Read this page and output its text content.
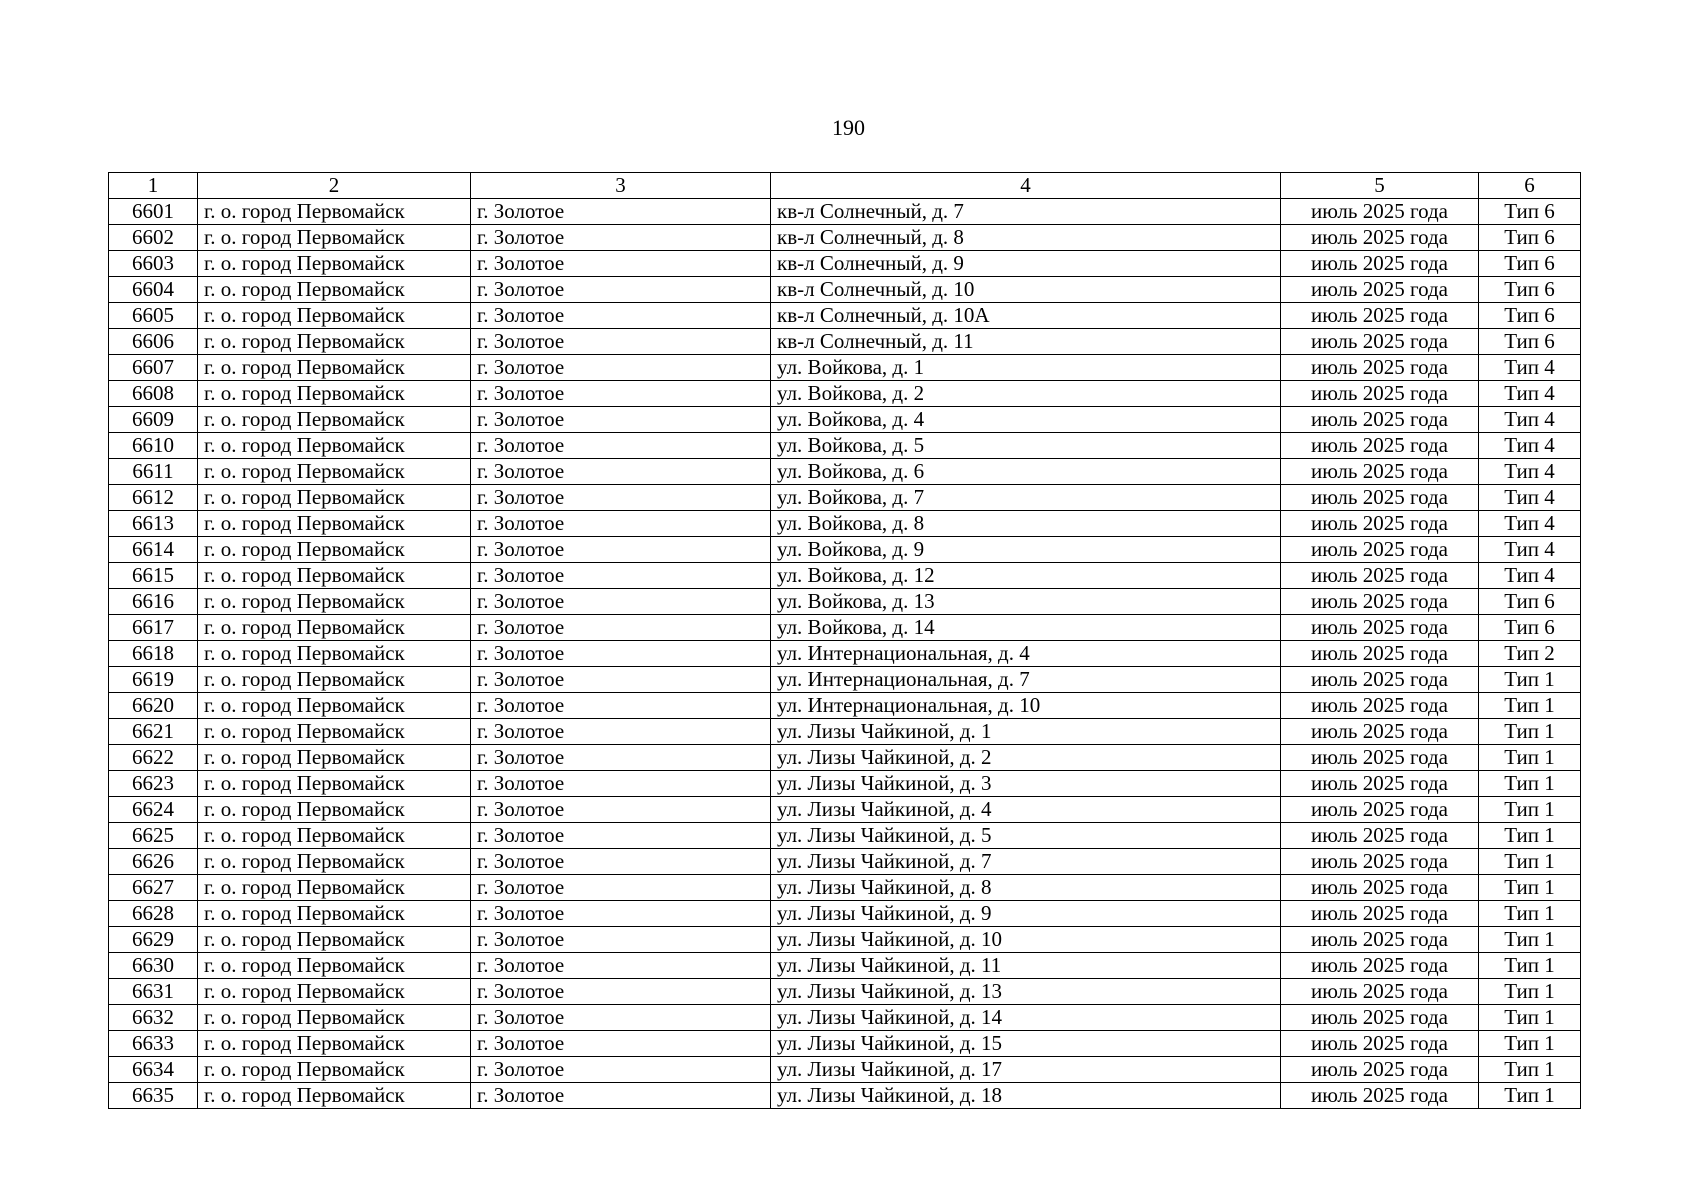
190
1	2	3	4	5	6
6601	г. о. город Первомайск	г. Золотое	кв-л Солнечный, д. 7	июль 2025 года	Тип 6
6602	г. о. город Первомайск	г. Золотое	кв-л Солнечный, д. 8	июль 2025 года	Тип 6
6603	г. о. город Первомайск	г. Золотое	кв-л Солнечный, д. 9	июль 2025 года	Тип 6
6604	г. о. город Первомайск	г. Золотое	кв-л Солнечный, д. 10	июль 2025 года	Тип 6
6605	г. о. город Первомайск	г. Золотое	кв-л Солнечный, д. 10А	июль 2025 года	Тип 6
6606	г. о. город Первомайск	г. Золотое	кв-л Солнечный, д. 11	июль 2025 года	Тип 6
6607	г. о. город Первомайск	г. Золотое	ул. Войкова, д. 1	июль 2025 года	Тип 4
6608	г. о. город Первомайск	г. Золотое	ул. Войкова, д. 2	июль 2025 года	Тип 4
6609	г. о. город Первомайск	г. Золотое	ул. Войкова, д. 4	июль 2025 года	Тип 4
6610	г. о. город Первомайск	г. Золотое	ул. Войкова, д. 5	июль 2025 года	Тип 4
6611	г. о. город Первомайск	г. Золотое	ул. Войкова, д. 6	июль 2025 года	Тип 4
6612	г. о. город Первомайск	г. Золотое	ул. Войкова, д. 7	июль 2025 года	Тип 4
6613	г. о. город Первомайск	г. Золотое	ул. Войкова, д. 8	июль 2025 года	Тип 4
6614	г. о. город Первомайск	г. Золотое	ул. Войкова, д. 9	июль 2025 года	Тип 4
6615	г. о. город Первомайск	г. Золотое	ул. Войкова, д. 12	июль 2025 года	Тип 4
6616	г. о. город Первомайск	г. Золотое	ул. Войкова, д. 13	июль 2025 года	Тип 6
6617	г. о. город Первомайск	г. Золотое	ул. Войкова, д. 14	июль 2025 года	Тип 6
6618	г. о. город Первомайск	г. Золотое	ул. Интернациональная, д. 4	июль 2025 года	Тип 2
6619	г. о. город Первомайск	г. Золотое	ул. Интернациональная, д. 7	июль 2025 года	Тип 1
6620	г. о. город Первомайск	г. Золотое	ул. Интернациональная, д. 10	июль 2025 года	Тип 1
6621	г. о. город Первомайск	г. Золотое	ул. Лизы Чайкиной, д. 1	июль 2025 года	Тип 1
6622	г. о. город Первомайск	г. Золотое	ул. Лизы Чайкиной, д. 2	июль 2025 года	Тип 1
6623	г. о. город Первомайск	г. Золотое	ул. Лизы Чайкиной, д. 3	июль 2025 года	Тип 1
6624	г. о. город Первомайск	г. Золотое	ул. Лизы Чайкиной, д. 4	июль 2025 года	Тип 1
6625	г. о. город Первомайск	г. Золотое	ул. Лизы Чайкиной, д. 5	июль 2025 года	Тип 1
6626	г. о. город Первомайск	г. Золотое	ул. Лизы Чайкиной, д. 7	июль 2025 года	Тип 1
6627	г. о. город Первомайск	г. Золотое	ул. Лизы Чайкиной, д. 8	июль 2025 года	Тип 1
6628	г. о. город Первомайск	г. Золотое	ул. Лизы Чайкиной, д. 9	июль 2025 года	Тип 1
6629	г. о. город Первомайск	г. Золотое	ул. Лизы Чайкиной, д. 10	июль 2025 года	Тип 1
6630	г. о. город Первомайск	г. Золотое	ул. Лизы Чайкиной, д. 11	июль 2025 года	Тип 1
6631	г. о. город Первомайск	г. Золотое	ул. Лизы Чайкиной, д. 13	июль 2025 года	Тип 1
6632	г. о. город Первомайск	г. Золотое	ул. Лизы Чайкиной, д. 14	июль 2025 года	Тип 1
6633	г. о. город Первомайск	г. Золотое	ул. Лизы Чайкиной, д. 15	июль 2025 года	Тип 1
6634	г. о. город Первомайск	г. Золотое	ул. Лизы Чайкиной, д. 17	июль 2025 года	Тип 1
6635	г. о. город Первомайск	г. Золотое	ул. Лизы Чайкиной, д. 18	июль 2025 года	Тип 1
